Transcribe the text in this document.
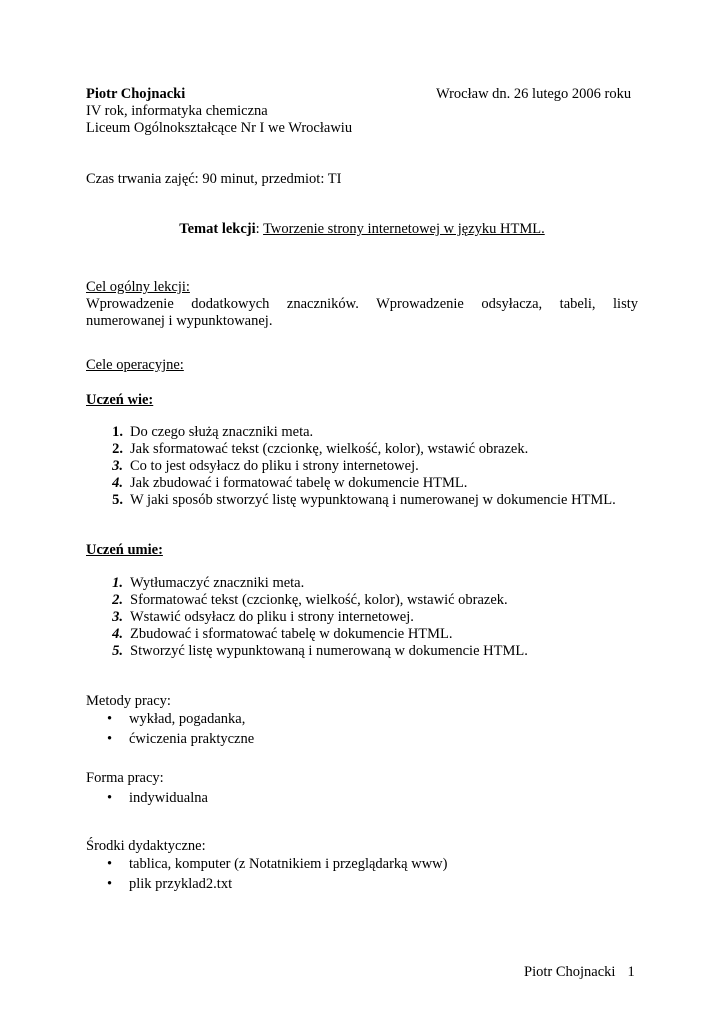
Piotr Chojnacki
IV rok, informatyka chemiczna
Liceum Ogólnokształcące Nr I we Wrocławiu
Wrocław dn. 26 lutego 2006 roku
Czas trwania zajęć: 90 minut, przedmiot: TI
Temat lekcji: Tworzenie strony internetowej w języku HTML.
Cel ogólny lekcji:
Wprowadzenie dodatkowych znaczników. Wprowadzenie odsyłacza, tabeli, listy
numerowanej i wypunktowanej.
Cele operacyjne:
Uczeń wie:
1. Do czego służą znaczniki meta.
2. Jak sformatować tekst (czcionkę, wielkość, kolor), wstawić obrazek.
3. Co to jest odsyłacz do pliku i strony internetowej.
4. Jak zbudować i formatować tabelę w dokumencie HTML.
5. W jaki sposób stworzyć listę wypunktowaną i numerowanej w dokumencie HTML.
Uczeń umie:
1. Wytłumaczyć znaczniki meta.
2. Sformatować tekst (czcionkę, wielkość, kolor), wstawić obrazek.
3. Wstawić odsyłacz do pliku i strony internetowej.
4. Zbudować i sformatować tabelę w dokumencie HTML.
5. Stworzyć listę wypunktowaną i numerowaną w dokumencie HTML.
Metody pracy:
• wykład, pogadanka,
• ćwiczenia praktyczne
Forma pracy:
• indywidualna
Środki dydaktyczne:
• tablica, komputer (z Notatnikiem i przeglądarką www)
• plik przyklad2.txt
Piotr Chojnacki 1
